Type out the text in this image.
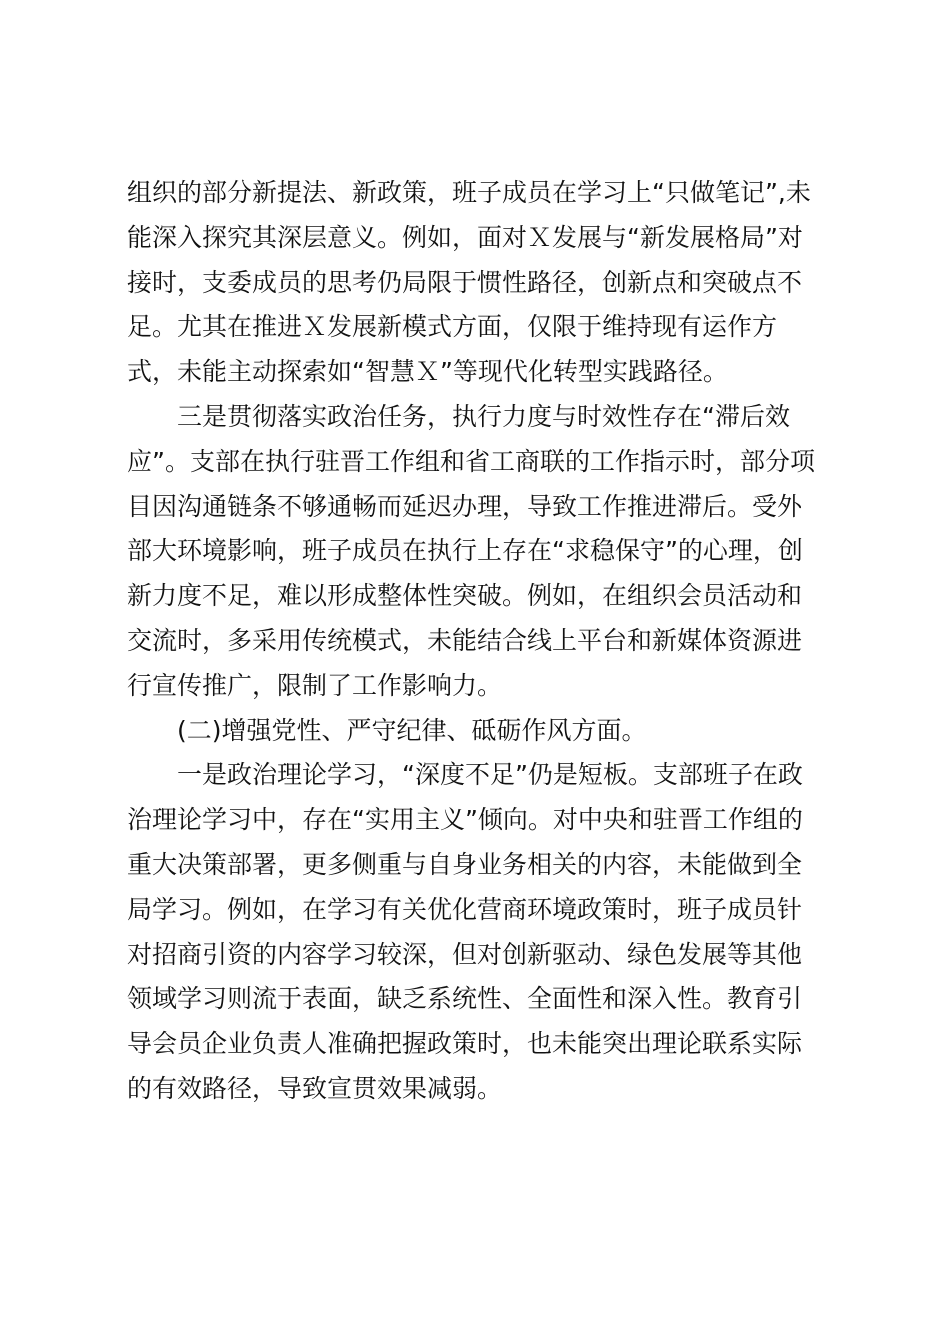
组织的部分新提法、新政策，班子成员在学习上“只做笔记”,未
能深入探究其深层意义。例如，面对Ｘ发展与“新发展格局”对
接时，支委成员的思考仍局限于惯性路径，创新点和突破点不
足。尤其在推进Ｘ发展新模式方面，仅限于维持现有运作方
式，未能主动探索如“智慧Ｘ”等现代化转型实践路径。
三是贯彻落实政治任务，执行力度与时效性存在“滞后效
应”。支部在执行驻晋工作组和省工商联的工作指示时，部分项
目因沟通链条不够通畅而延迟办理，导致工作推进滞后。受外
部大环境影响，班子成员在执行上存在“求稳保守”的心理，创
新力度不足，难以形成整体性突破。例如，在组织会员活动和
交流时，多采用传统模式，未能结合线上平台和新媒体资源进
行宣传推广，限制了工作影响力。
(二)增强党性、严守纪律、砥砺作风方面。
一是政治理论学习，“深度不足”仍是短板。支部班子在政
治理论学习中，存在“实用主义”倾向。对中央和驻晋工作组的
重大决策部署，更多侧重与自身业务相关的内容，未能做到全
局学习。例如，在学习有关优化营商环境政策时，班子成员针
对招商引资的内容学习较深，但对创新驱动、绿色发展等其他
领域学习则流于表面，缺乏系统性、全面性和深入性。教育引
导会员企业负责人准确把握政策时，也未能突出理论联系实际
的有效路径，导致宣贯效果减弱。
